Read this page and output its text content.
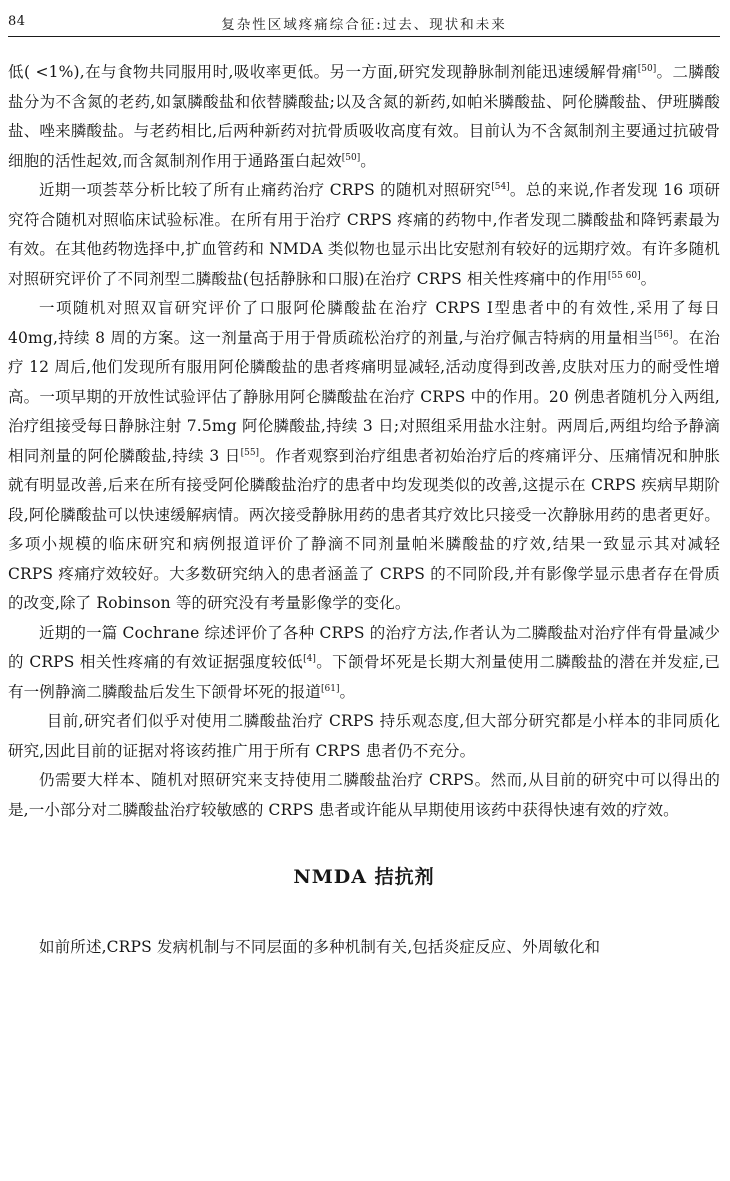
84	复杂性区域疼痛综合征:过去、现状和未来

低( <1%),在与食物共同服用时,吸收率更低。另一方面,研究发现静脉制剂能迅速缓解骨痛[50]。二膦酸盐分为不含氮的老药,如氯膦酸盐和依替膦酸盐;以及含氮的新药,如帕米膦酸盐、阿伦膦酸盐、伊班膦酸盐、唑来膦酸盐。与老药相比,后两种新药对抗骨质吸收高度有效。目前认为不含氮制剂主要通过抗破骨细胞的活性起效,而含氮制剂作用于通路蛋白起效[50]。

近期一项荟萃分析比较了所有止痛药治疗 CRPS 的随机对照研究[54]。总的来说,作者发现 16 项研究符合随机对照临床试验标准。在所有用于治疗 CRPS 疼痛的药物中,作者发现二膦酸盐和降钙素最为有效。在其他药物选择中,扩血管药和 NMDA 类似物也显示出比安慰剂有较好的远期疗效。有许多随机对照研究评价了不同剂型二膦酸盐(包括静脉和口服)在治疗 CRPS 相关性疼痛中的作用[55 60]。

一项随机对照双盲研究评价了口服阿伦膦酸盐在治疗 CRPS Ⅰ型患者中的有效性,采用了每日 40mg,持续 8 周的方案。这一剂量高于用于骨质疏松治疗的剂量,与治疗佩吉特病的用量相当[56]。在治疗 12 周后,他们发现所有服用阿伦膦酸盐的患者疼痛明显减轻,活动度得到改善,皮肤对压力的耐受性增高。一项早期的开放性试验评估了静脉用阿仑膦酸盐在治疗 CRPS 中的作用。20 例患者随机分入两组,治疗组接受每日静脉注射 7.5mg 阿伦膦酸盐,持续 3 日;对照组采用盐水注射。两周后,两组均给予静滴相同剂量的阿伦膦酸盐,持续 3 日[55]。作者观察到治疗组患者初始治疗后的疼痛评分、压痛情况和肿胀就有明显改善,后来在所有接受阿伦膦酸盐治疗的患者中均发现类似的改善,这提示在 CRPS 疾病早期阶段,阿伦膦酸盐可以快速缓解病情。两次接受静脉用药的患者其疗效比只接受一次静脉用药的患者更好。多项小规模的临床研究和病例报道评价了静滴不同剂量帕米膦酸盐的疗效,结果一致显示其对减轻 CRPS 疼痛疗效较好。大多数研究纳入的患者涵盖了 CRPS 的不同阶段,并有影像学显示患者存在骨质的改变,除了 Robinson 等的研究没有考量影像学的变化。

近期的一篇 Cochrane 综述评价了各种 CRPS 的治疗方法,作者认为二膦酸盐对治疗伴有骨量减少的 CRPS 相关性疼痛的有效证据强度较低[4]。下颌骨坏死是长期大剂量使用二膦酸盐的潜在并发症,已有一例静滴二膦酸盐后发生下颌骨坏死的报道[61]。

目前,研究者们似乎对使用二膦酸盐治疗 CRPS 持乐观态度,但大部分研究都是小样本的非同质化研究,因此目前的证据对将该药推广用于所有 CRPS 患者仍不充分。

仍需要大样本、随机对照研究来支持使用二膦酸盐治疗 CRPS。然而,从目前的研究中可以得出的是,一小部分对二膦酸盐治疗较敏感的 CRPS 患者或许能从早期使用该药中获得快速有效的疗效。

NMDA 拮抗剂

如前所述,CRPS 发病机制与不同层面的多种机制有关,包括炎症反应、外周敏化和
